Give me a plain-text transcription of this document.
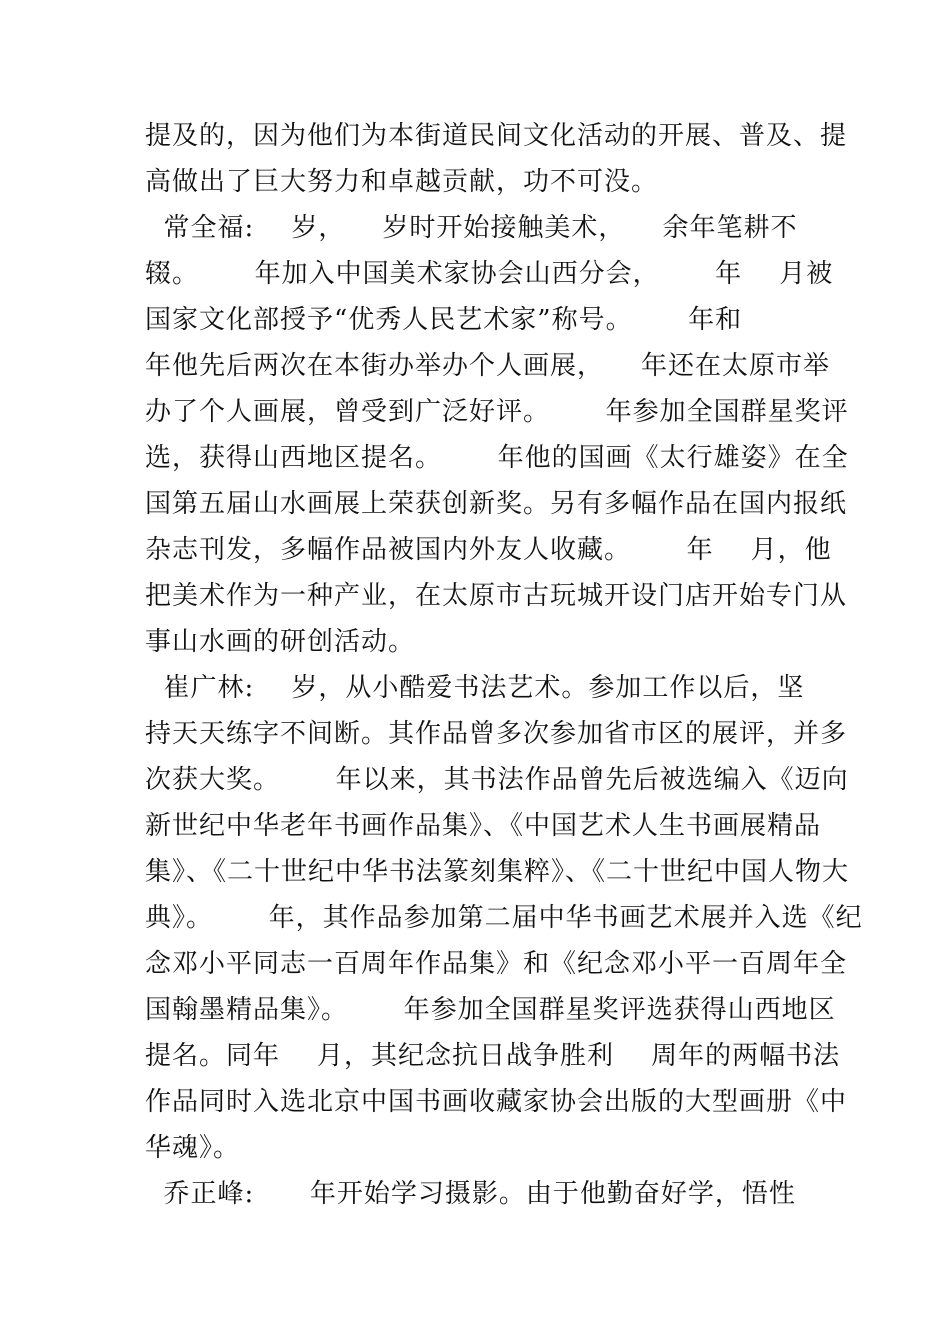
提及的，因为他们为本街道民间文化活动的开展、普及、提
高做出了巨大努力和卓越贡献，功不可没。
常全福:    岁，    岁时开始接触美术，    余年笔耕不
辍。      年加入中国美术家协会山西分会，      年    月被
国家文化部授予“优秀人民艺术家”称号。      年和
年他先后两次在本街办举办个人画展，    年还在太原市举
办了个人画展，曾受到广泛好评。      年参加全国群星奖评
选，获得山西地区提名。      年他的国画《太行雄姿》在全
国第五届山水画展上荣获创新奖。另有多幅作品在国内报纸
杂志刊发，多幅作品被国内外友人收藏。      年    月，他
把美术作为一种产业，在太原市古玩城开设门店开始专门从
事山水画的研创活动。
崔广林:    岁，从小酷爱书法艺术。参加工作以后，坚
持天天练字不间断。其作品曾多次参加省市区的展评，并多
次获大奖。      年以来，其书法作品曾先后被选编入《迈向
新世纪中华老年书画作品集》、《中国艺术人生书画展精品
集》、《二十世纪中华书法篆刻集粹》、《二十世纪中国人物大
典》。      年，其作品参加第二届中华书画艺术展并入选《纪
念邓小平同志一百周年作品集》和《纪念邓小平一百周年全
国翰墨精品集》。      年参加全国群星奖评选获得山西地区
提名。同年    月，其纪念抗日战争胜利    周年的两幅书法
作品同时入选北京中国书画收藏家协会出版的大型画册《中
华魂》。
乔正峰:      年开始学习摄影。由于他勤奋好学，悟性
